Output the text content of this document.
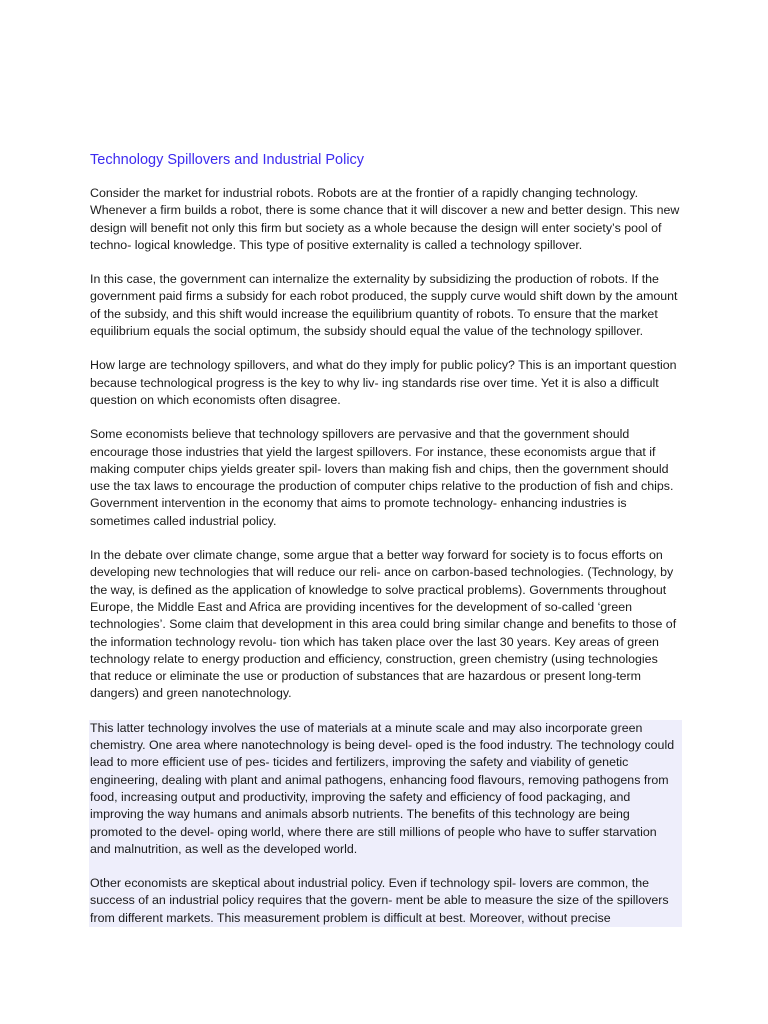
Technology Spillovers and Industrial Policy

Consider the market for industrial robots. Robots are at the frontier of a rapidly changing technology. Whenever a firm builds a robot, there is some chance that it will discover a new and better design. This new design will benefit not only this firm but society as a whole because the design will enter society’s pool of techno- logical knowledge. This type of positive externality is called a technology spillover.

In this case, the government can internalize the externality by subsidizing the production of robots. If the government paid firms a subsidy for each robot produced, the supply curve would shift down by the amount of the subsidy, and this shift would increase the equilibrium quantity of robots. To ensure that the market equilibrium equals the social optimum, the subsidy should equal the value of the technology spillover.

How large are technology spillovers, and what do they imply for public policy? This is an important question because technological progress is the key to why liv- ing standards rise over time. Yet it is also a difficult question on which economists often disagree.

Some economists believe that technology spillovers are pervasive and that the government should encourage those industries that yield the largest spillovers. For instance, these economists argue that if making computer chips yields greater spil- lovers than making fish and chips, then the government should use the tax laws to encourage the production of computer chips relative to the production of fish and chips. Government intervention in the economy that aims to promote technology- enhancing industries is sometimes called industrial policy.

In the debate over climate change, some argue that a better way forward for society is to focus efforts on developing new technologies that will reduce our reli- ance on carbon-based technologies. (Technology, by the way, is defined as the application of knowledge to solve practical problems). Governments throughout Europe, the Middle East and Africa are providing incentives for the development of so-called ‘green technologies’. Some claim that development in this area could bring similar change and benefits to those of the information technology revolu- tion which has taken place over the last 30 years. Key areas of green technology relate to energy production and efficiency, construction, green chemistry (using technologies that reduce or eliminate the use or production of substances that are hazardous or present long-term dangers) and green nanotechnology.

This latter technology involves the use of materials at a minute scale and may also incorporate green chemistry. One area where nanotechnology is being devel- oped is the food industry. The technology could lead to more efficient use of pes- ticides and fertilizers, improving the safety and viability of genetic engineering, dealing with plant and animal pathogens, enhancing food flavours, removing pathogens from food, increasing output and productivity, improving the safety and efficiency of food packaging, and improving the way humans and animals absorb nutrients. The benefits of this technology are being promoted to the devel- oping world, where there are still millions of people who have to suffer starvation and malnutrition, as well as the developed world.

Other economists are skeptical about industrial policy. Even if technology spil- lovers are common, the success of an industrial policy requires that the govern- ment be able to measure the size of the spillovers from different markets. This measurement problem is difficult at best. Moreover, without precise
